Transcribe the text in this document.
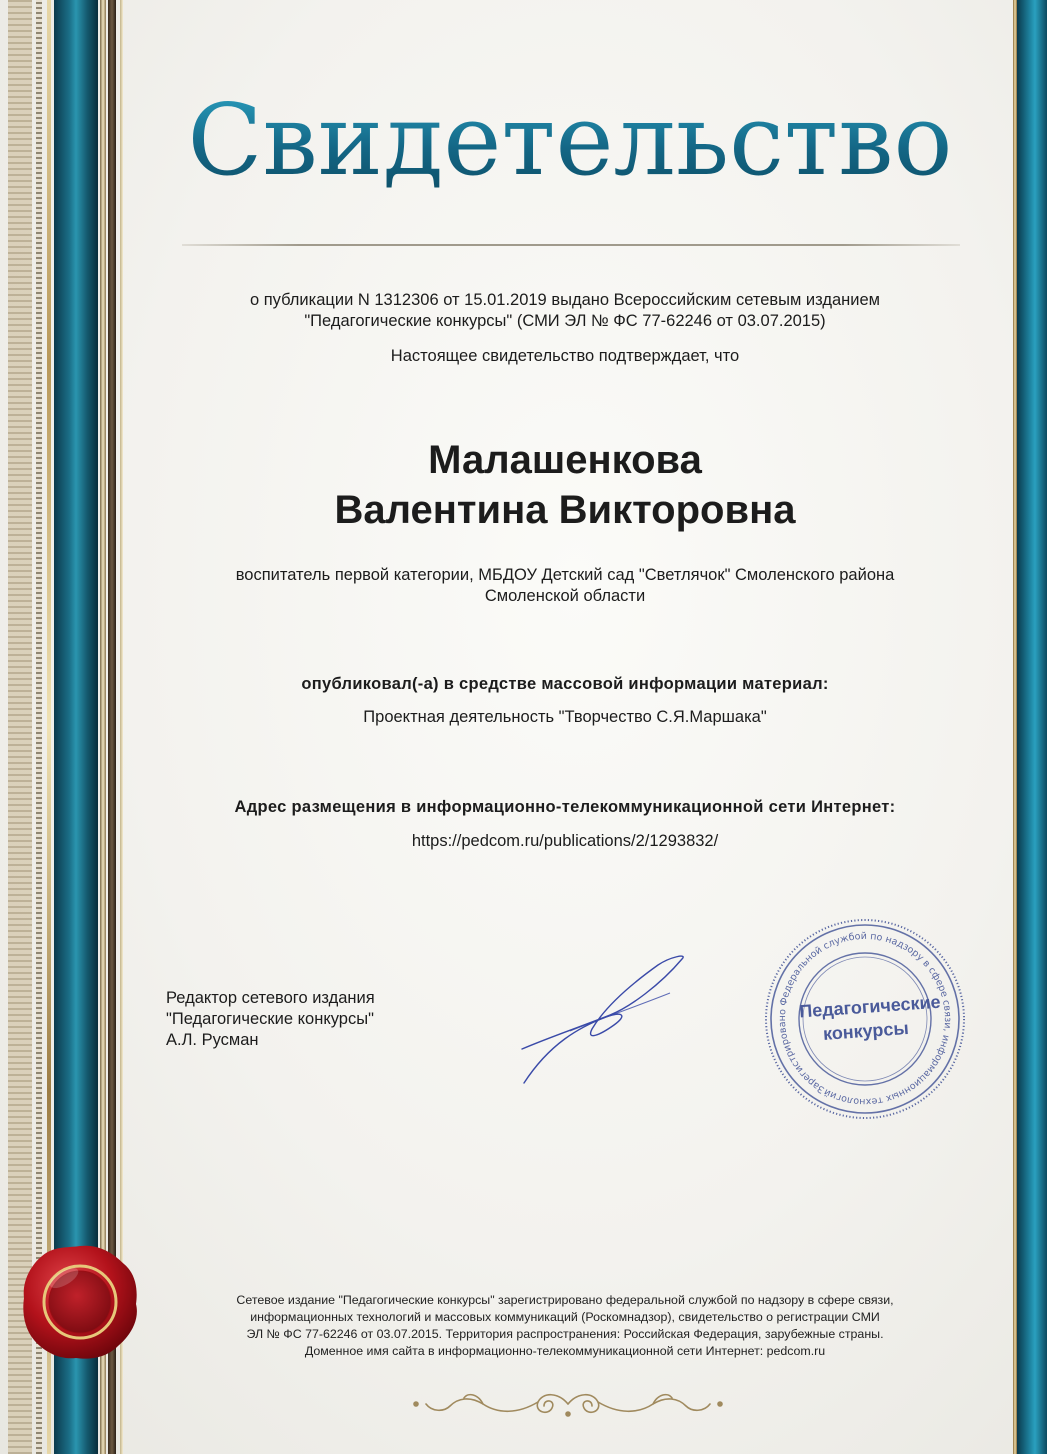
Свидетельство
о публикации N 1312306 от 15.01.2019 выдано Всероссийским сетевым изданием
"Педагогические конкурсы" (СМИ ЭЛ № ФС 77-62246 от 03.07.2015)
Настоящее свидетельство подтверждает, что
Малашенкова
Валентина Викторовна
воспитатель первой категории, МБДОУ Детский сад "Светлячок" Смоленского района
Смоленской области
опубликовал(-а) в средстве массовой информации материал:
Проектная деятельность "Творчество С.Я.Маршака"
Адрес размещения в информационно-телекоммуникационной сети Интернет:
https://pedcom.ru/publications/2/1293832/
Редактор сетевого издания
"Педагогические конкурсы"
А.Л. Русман
Зарегистрировано Федеральной службой по надзору в сфере связи, информационных технологий
Педагогические
конкурсы
Сетевое издание "Педагогические конкурсы" зарегистрировано федеральной службой по надзору в сфере связи,
информационных технологий и массовых коммуникаций (Роскомнадзор), свидетельство о регистрации СМИ
ЭЛ № ФС 77-62246 от 03.07.2015. Территория распространения: Российская Федерация, зарубежные страны.
Доменное имя сайта в информационно-телекоммуникационной сети Интернет: pedcom.ru
